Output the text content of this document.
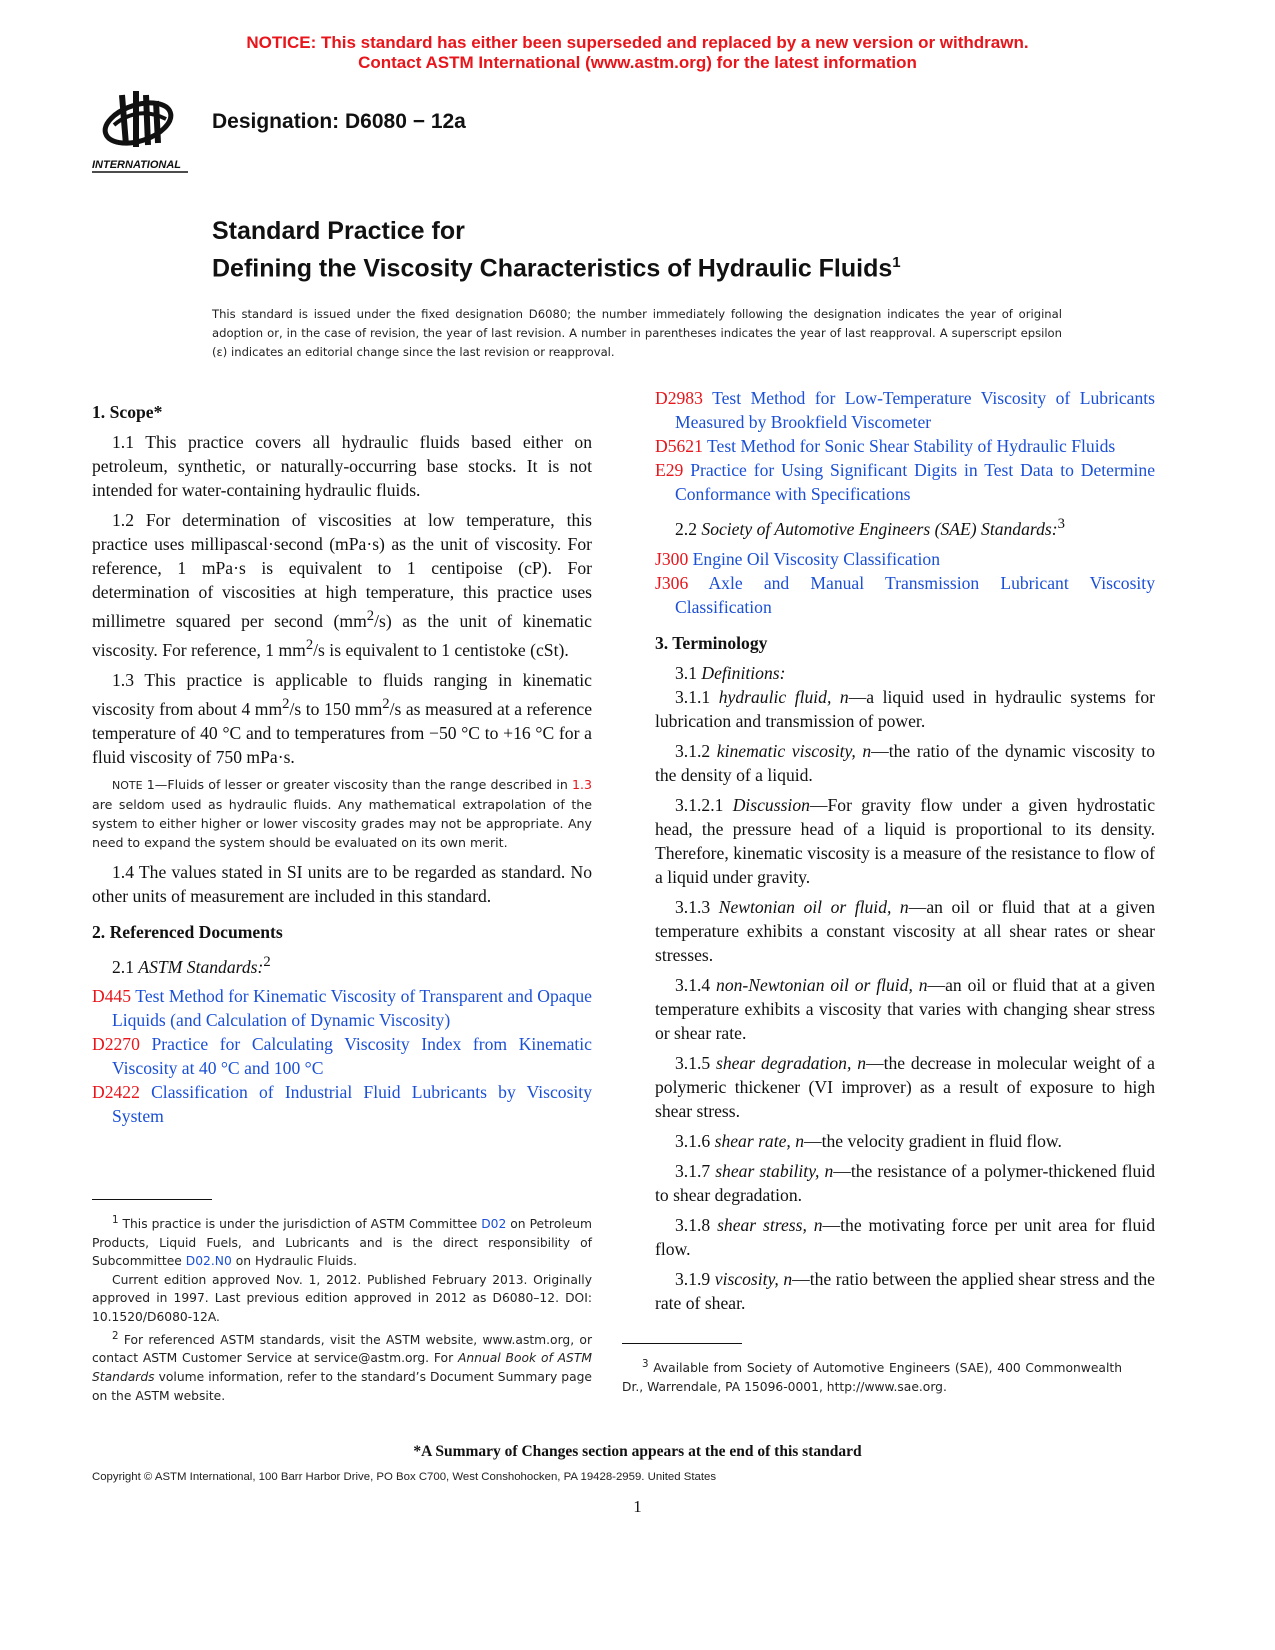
NOTICE: This standard has either been superseded and replaced by a new version or withdrawn.
Contact ASTM International (www.astm.org) for the latest information
INTERNATIONAL
Designation: D6080 − 12a
Standard Practice for
Defining the Viscosity Characteristics of Hydraulic Fluids$^1$
This standard is issued under the fixed designation D6080; the number immediately following the designation indicates the year of original adoption or, in the case of revision, the year of last revision. A number in parentheses indicates the year of last reapproval. A superscript epsilon (ε) indicates an editorial change since the last revision or reapproval.
1. Scope*
1.1 This practice covers all hydraulic fluids based either on petroleum, synthetic, or naturally-occurring base stocks. It is not intended for water-containing hydraulic fluids.
1.2 For determination of viscosities at low temperature, this practice uses millipascal·second (mPa·s) as the unit of viscosity. For reference, 1 mPa·s is equivalent to 1 centipoise (cP). For determination of viscosities at high temperature, this practice uses millimetre squared per second $(mm^2/s)$ as the unit of kinematic viscosity. For reference, 1 $mm^2/s$ is equivalent to 1 centistoke (cSt).
1.3 This practice is applicable to fluids ranging in kinematic viscosity from about 4 $mm^2/s$ to 150 $mm^2/s$ as measured at a reference temperature of 40 °C and to temperatures from −50 °C to +16 °C for a fluid viscosity of 750 mPa·s.
NOTE 1—Fluids of lesser or greater viscosity than the range described in 1.3 are seldom used as hydraulic fluids. Any mathematical extrapolation of the system to either higher or lower viscosity grades may not be appropriate. Any need to expand the system should be evaluated on its own merit.
1.4 The values stated in SI units are to be regarded as standard. No other units of measurement are included in this standard.
2. Referenced Documents
2.1 ASTM Standards:$^2$
D445 Test Method for Kinematic Viscosity of Transparent and Opaque Liquids (and Calculation of Dynamic Viscosity)
D2270 Practice for Calculating Viscosity Index from Kinematic Viscosity at 40 °C and 100 °C
D2422 Classification of Industrial Fluid Lubricants by Viscosity System
D2983 Test Method for Low-Temperature Viscosity of Lubricants Measured by Brookfield Viscometer
D5621 Test Method for Sonic Shear Stability of Hydraulic Fluids
E29 Practice for Using Significant Digits in Test Data to Determine Conformance with Specifications
2.2 Society of Automotive Engineers (SAE) Standards:$^3$
J300 Engine Oil Viscosity Classification
J306 Axle and Manual Transmission Lubricant Viscosity Classification
3. Terminology
3.1 Definitions:
3.1.1 hydraulic fluid, n—a liquid used in hydraulic systems for lubrication and transmission of power.
3.1.2 kinematic viscosity, n—the ratio of the dynamic viscosity to the density of a liquid.
3.1.2.1 Discussion—For gravity flow under a given hydrostatic head, the pressure head of a liquid is proportional to its density. Therefore, kinematic viscosity is a measure of the resistance to flow of a liquid under gravity.
3.1.3 Newtonian oil or fluid, n—an oil or fluid that at a given temperature exhibits a constant viscosity at all shear rates or shear stresses.
3.1.4 non-Newtonian oil or fluid, n—an oil or fluid that at a given temperature exhibits a viscosity that varies with changing shear stress or shear rate.
3.1.5 shear degradation, n—the decrease in molecular weight of a polymeric thickener (VI improver) as a result of exposure to high shear stress.
3.1.6 shear rate, n—the velocity gradient in fluid flow.
3.1.7 shear stability, n—the resistance of a polymer-thickened fluid to shear degradation.
3.1.8 shear stress, n—the motivating force per unit area for fluid flow.
3.1.9 viscosity, n—the ratio between the applied shear stress and the rate of shear.

$^1$ This practice is under the jurisdiction of ASTM Committee D02 on Petroleum Products, Liquid Fuels, and Lubricants and is the direct responsibility of Subcommittee D02.N0 on Hydraulic Fluids.

Current edition approved Nov. 1, 2012. Published February 2013. Originally approved in 1997. Last previous edition approved in 2012 as D6080–12. DOI: 10.1520/D6080-12A.

$^2$ For referenced ASTM standards, visit the ASTM website, www.astm.org, or contact ASTM Customer Service at service@astm.org. For Annual Book of ASTM Standards volume information, refer to the standard’s Document Summary page on the ASTM website.

$^3$ Available from Society of Automotive Engineers (SAE), 400 Commonwealth Dr., Warrendale, PA 15096-0001, http://www.sae.org.

*A Summary of Changes section appears at the end of this standard
Copyright © ASTM International, 100 Barr Harbor Drive, PO Box C700, West Conshohocken, PA 19428-2959. United States
1
